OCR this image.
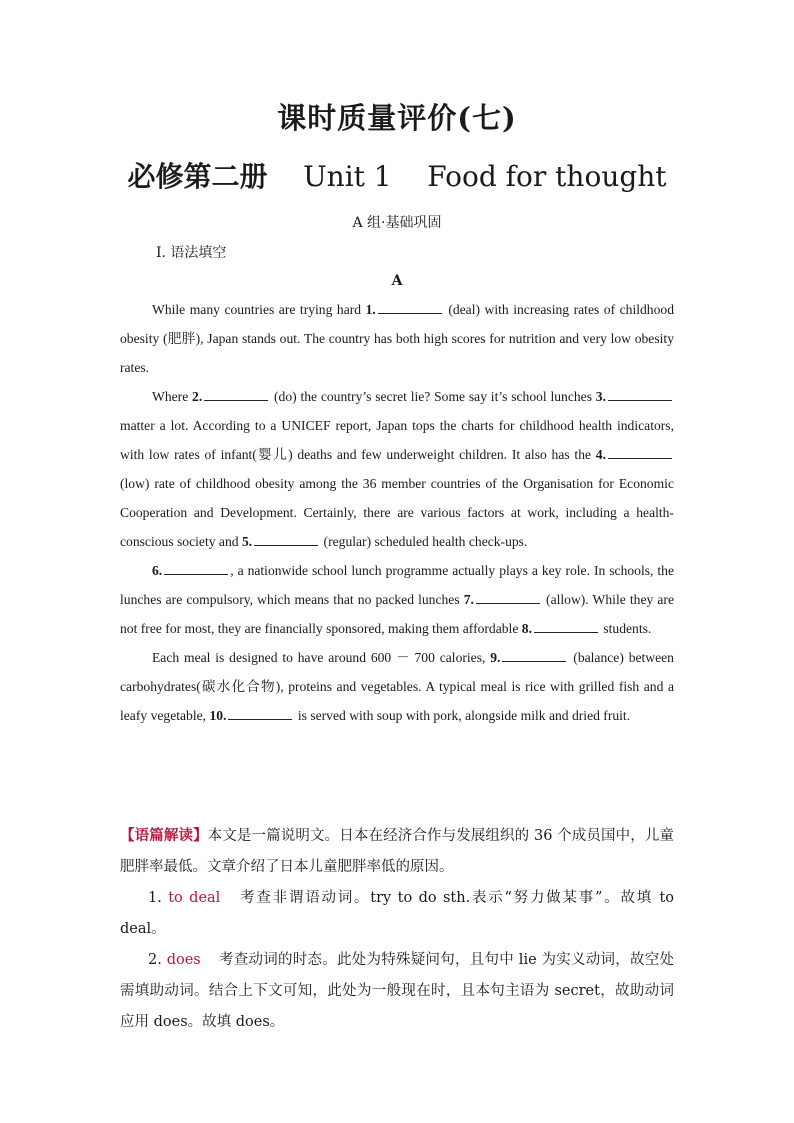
课时质量评价(七)
必修第二册 Unit 1 Food for thought
A 组·基础巩固
Ⅰ. 语法填空
A

While many countries are trying hard 1.	(deal) with increasing rates of childhood obesity (肥胖), Japan stands out. The country has both high scores for nutrition and very low obesity rates.

Where 2.	(do) the country’s secret lie? Some say it’s school lunches 3. matter a lot. According to a UNICEF report, Japan tops the charts for childhood health indicators, with low rates of infant(婴儿) deaths and few underweight children. It also has the 4. (low) rate of childhood obesity among the 36 member countries of the Organisation for Economic Cooperation and Development. Certainly, there are various factors at work, including a health-conscious society and 5.	(regular) scheduled health check-ups.

6.	, a nationwide school lunch programme actually plays a key role. In schools, the lunches are compulsory, which means that no packed lunches 7.	(allow). While they are not free for most, they are financially sponsored, making them affordable 8.	students.

Each meal is designed to have around 600 － 700 calories, 9.	(balance) between carbohydrates(碳水化合物), proteins and vegetables. A typical meal is rice with grilled fish and a leafy vegetable, 10.	is served with soup with pork, alongside milk and dried fruit.

【语篇解读】本文是一篇说明文。日本在经济合作与发展组织的 36 个成员国中，儿童肥胖率最低。文章介绍了日本儿童肥胖率低的原因。

1. to deal 考查非谓语动词。try to do sth.表示“努力做某事”。故填 to deal。

2. does 考查动词的时态。此处为特殊疑问句，且句中 lie 为实义动词，故空处需填助动词。结合上下文可知，此处为一般现在时，且本句主语为 secret，故助动词应用 does。故填 does。
